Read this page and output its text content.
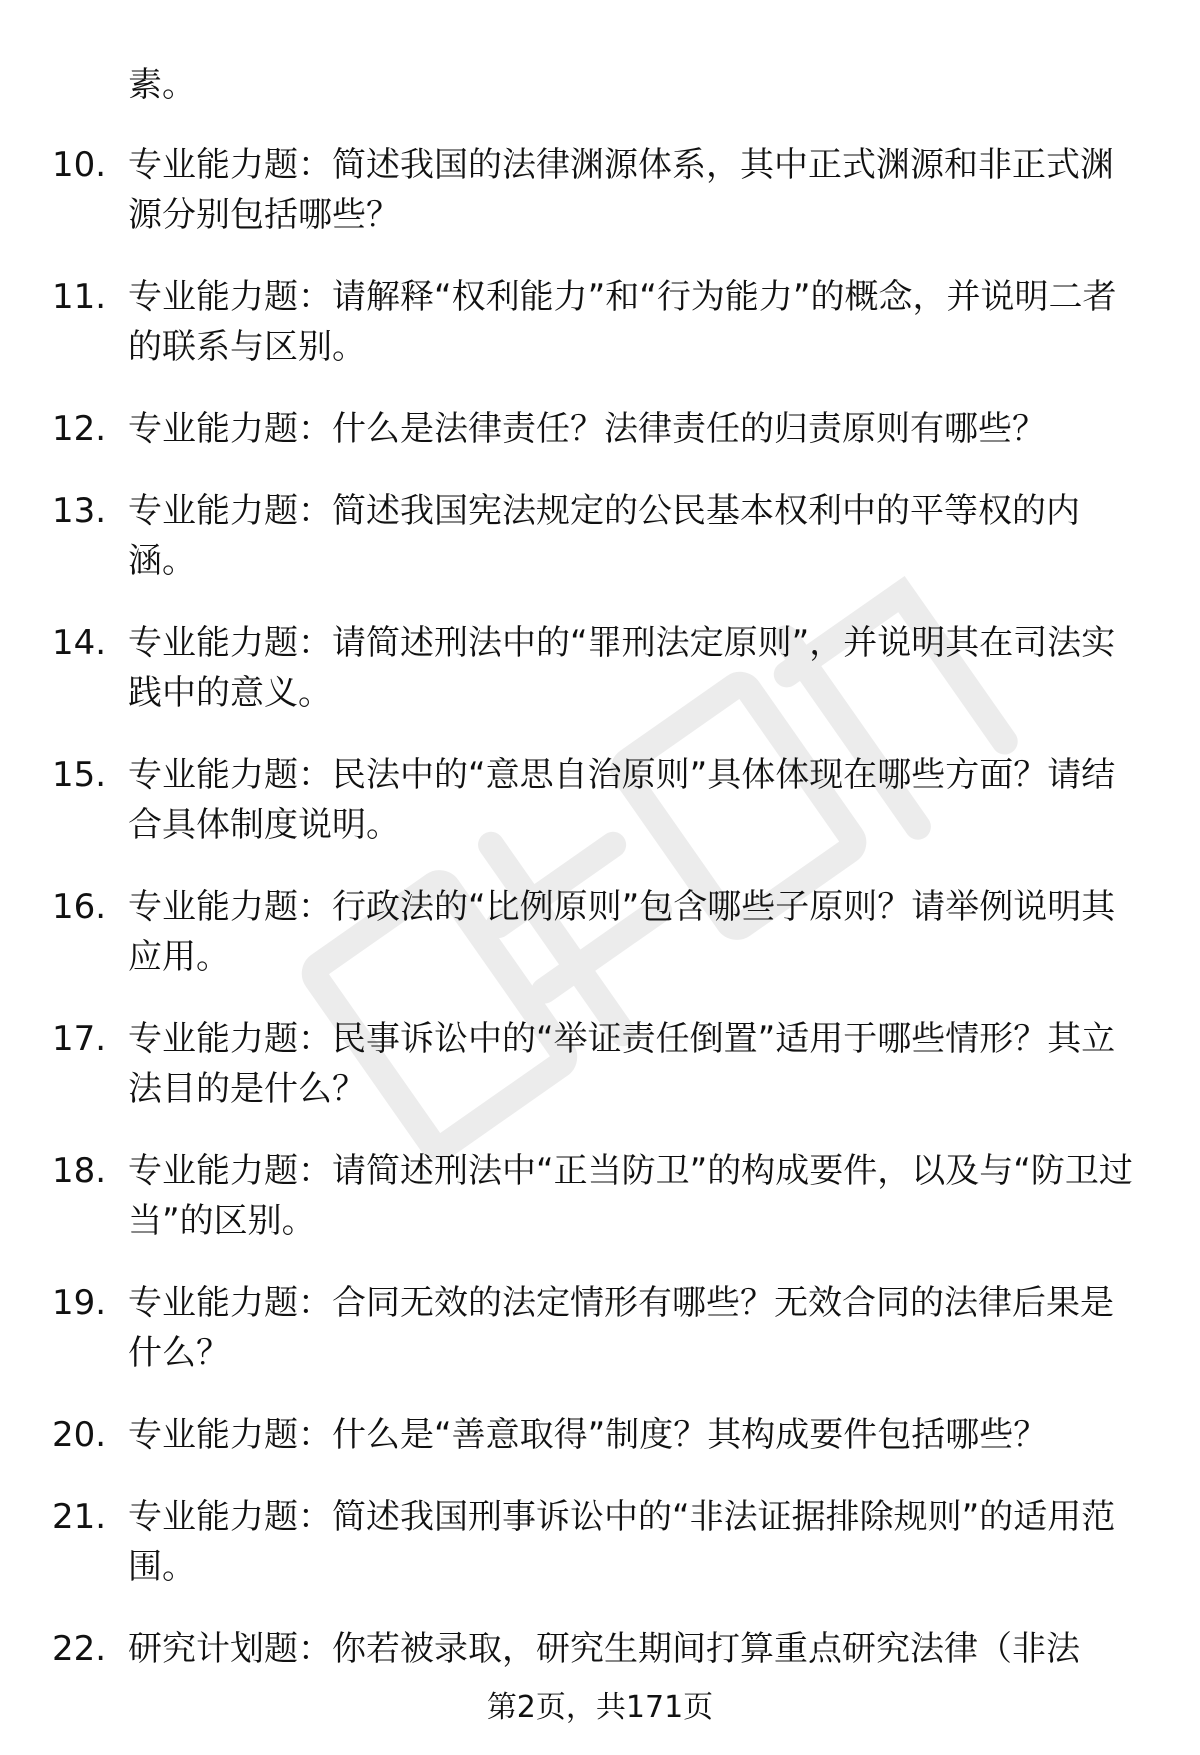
素。

10. 专业能力题：简述我国的法律渊源体系，其中正式渊源和非正式渊源分别包括哪些？
11. 专业能力题：请解释“权利能力”和“行为能力”的概念，并说明二者的联系与区别。
12. 专业能力题：什么是法律责任？法律责任的归责原则有哪些？
13. 专业能力题：简述我国宪法规定的公民基本权利中的平等权的内涵。
14. 专业能力题：请简述刑法中的“罪刑法定原则”，并说明其在司法实践中的意义。
15. 专业能力题：民法中的“意思自治原则”具体体现在哪些方面？请结合具体制度说明。
16. 专业能力题：行政法的“比例原则”包含哪些子原则？请举例说明其应用。
17. 专业能力题：民事诉讼中的“举证责任倒置”适用于哪些情形？其立法目的是什么？
18. 专业能力题：请简述刑法中“正当防卫”的构成要件，以及与“防卫过当”的区别。
19. 专业能力题：合同无效的法定情形有哪些？无效合同的法律后果是什么？
20. 专业能力题：什么是“善意取得”制度？其构成要件包括哪些？
21. 专业能力题：简述我国刑事诉讼中的“非法证据排除规则”的适用范围。
22. 研究计划题：你若被录取，研究生期间打算重点研究法律（非法
第2页，共171页
